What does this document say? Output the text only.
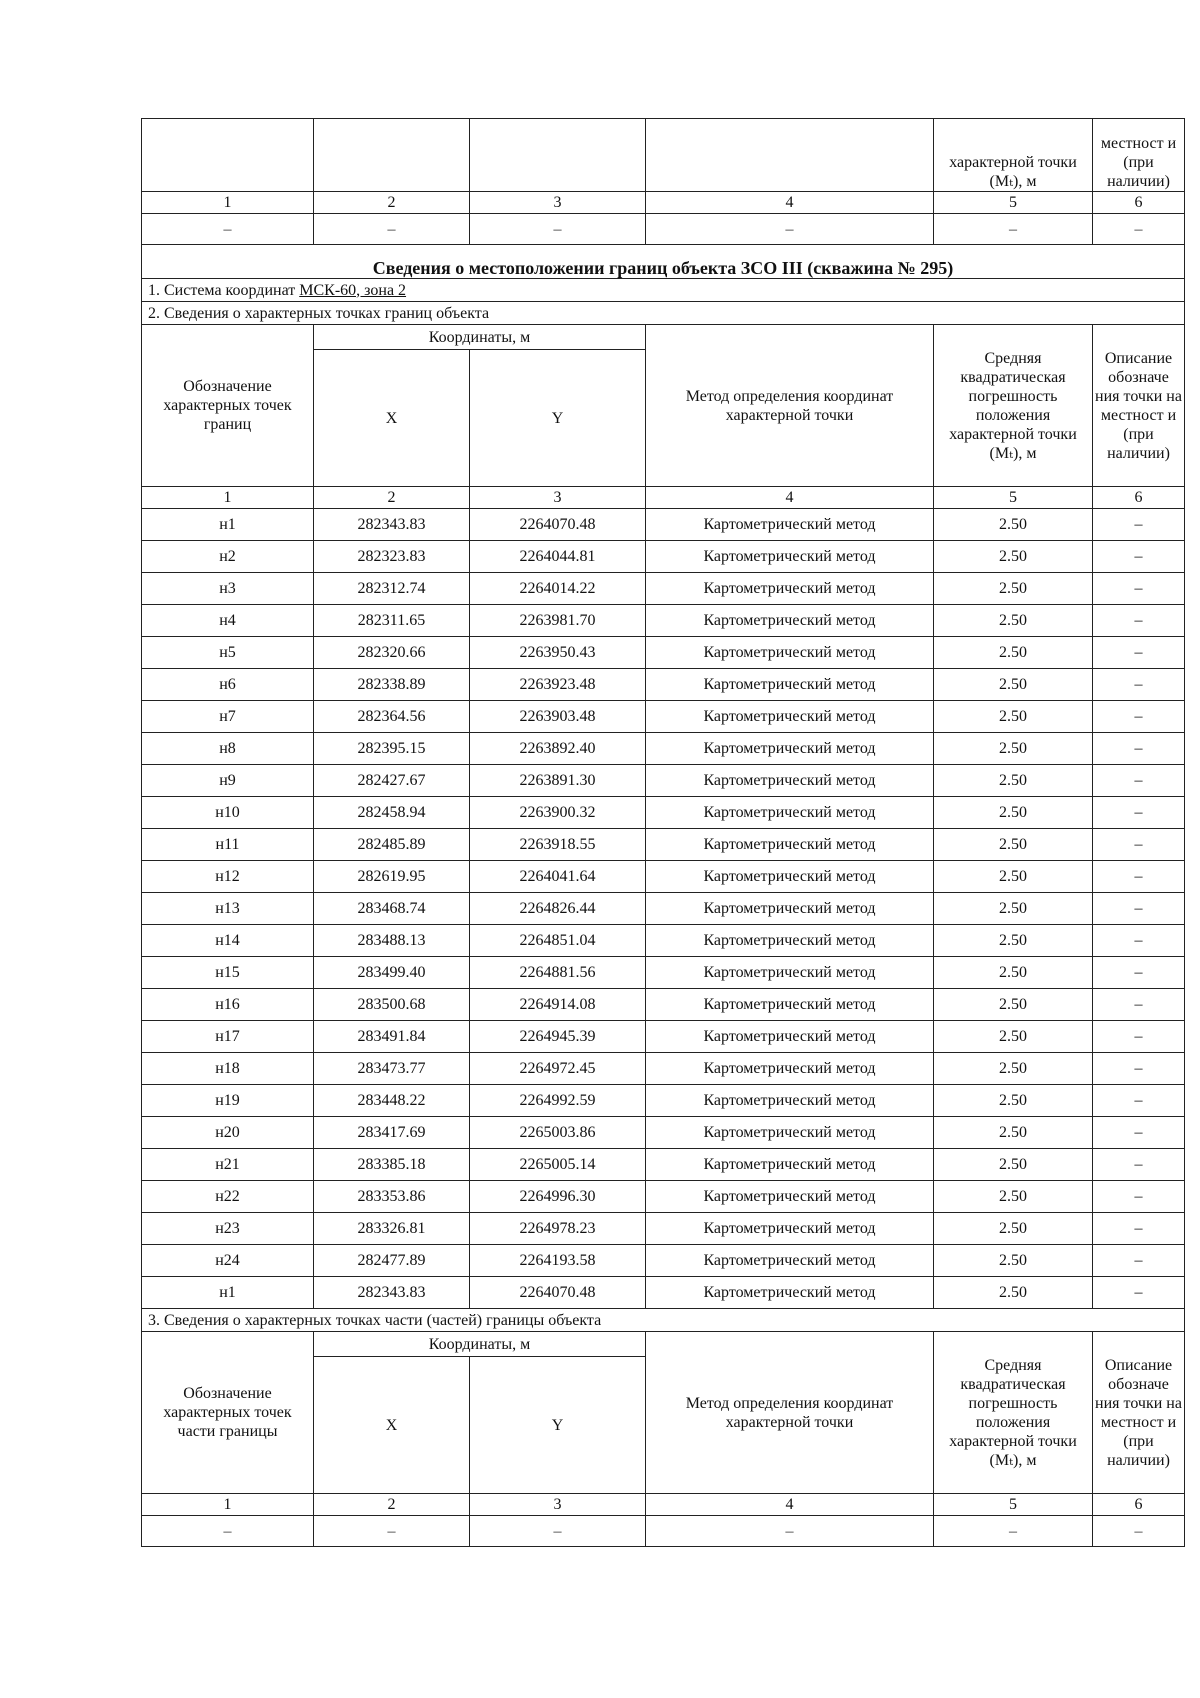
				характерной точки (Mₜ), м	местност и (при наличии)
1	2	3	4	5	6
–	–	–	–	–	–
Сведения о местоположении границ объекта ЗСО III (скважина № 295)					
1. Система координат МСК-60, зона 2					
2. Сведения о характерных точках границ объекта					
Обозначение характерных точек границ	Координаты, м		Метод определения координат характерной точки	Средняя квадратическая погрешность положения характерной точки (Mₜ), м	Описание обозначе ния точки на местност и (при наличии)
	X	Y			
1	2	3	4	5	6
н1	282343.83	2264070.48	Картометрический метод	2.50	–
н2	282323.83	2264044.81	Картометрический метод	2.50	–
н3	282312.74	2264014.22	Картометрический метод	2.50	–
н4	282311.65	2263981.70	Картометрический метод	2.50	–
н5	282320.66	2263950.43	Картометрический метод	2.50	–
н6	282338.89	2263923.48	Картометрический метод	2.50	–
н7	282364.56	2263903.48	Картометрический метод	2.50	–
н8	282395.15	2263892.40	Картометрический метод	2.50	–
н9	282427.67	2263891.30	Картометрический метод	2.50	–
н10	282458.94	2263900.32	Картометрический метод	2.50	–
н11	282485.89	2263918.55	Картометрический метод	2.50	–
н12	282619.95	2264041.64	Картометрический метод	2.50	–
н13	283468.74	2264826.44	Картометрический метод	2.50	–
н14	283488.13	2264851.04	Картометрический метод	2.50	–
н15	283499.40	2264881.56	Картометрический метод	2.50	–
н16	283500.68	2264914.08	Картометрический метод	2.50	–
н17	283491.84	2264945.39	Картометрический метод	2.50	–
н18	283473.77	2264972.45	Картометрический метод	2.50	–
н19	283448.22	2264992.59	Картометрический метод	2.50	–
н20	283417.69	2265003.86	Картометрический метод	2.50	–
н21	283385.18	2265005.14	Картометрический метод	2.50	–
н22	283353.86	2264996.30	Картометрический метод	2.50	–
н23	283326.81	2264978.23	Картометрический метод	2.50	–
н24	282477.89	2264193.58	Картометрический метод	2.50	–
н1	282343.83	2264070.48	Картометрический метод	2.50	–
3. Сведения о характерных точках части (частей) границы объекта					
Обозначение характерных точек части границы	Координаты, м		Метод определения координат характерной точки	Средняя квадратическая погрешность положения характерной точки (Mₜ), м	Описание обозначе ния точки на местност и (при наличии)
	X	Y			
1	2	3	4	5	6
–	–	–	–	–	–
